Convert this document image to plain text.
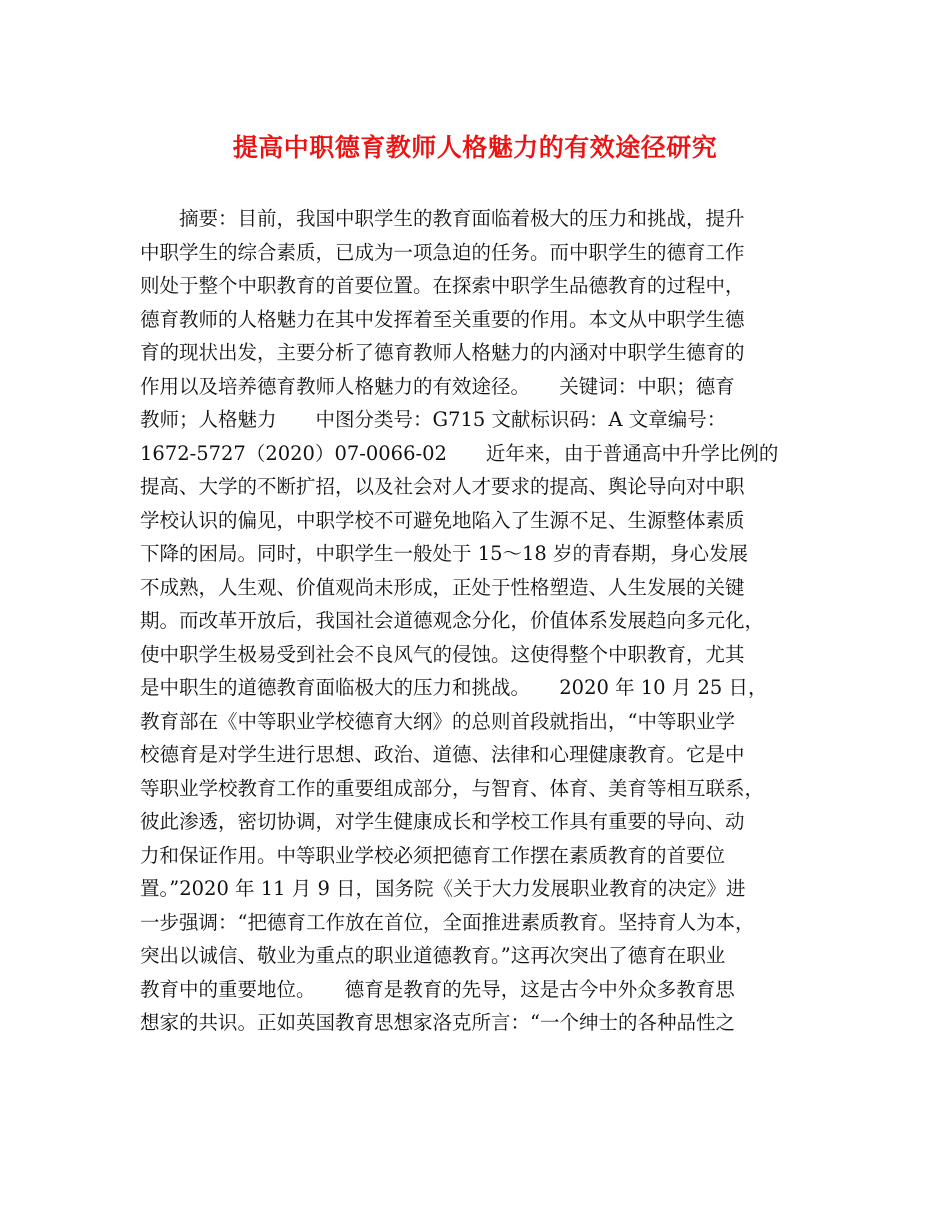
提高中职德育教师人格魅力的有效途径研究
　　摘要：目前，我国中职学生的教育面临着极大的压力和挑战，提升
中职学生的综合素质，已成为一项急迫的任务。而中职学生的德育工作
则处于整个中职教育的首要位置。在探索中职学生品德教育的过程中，
德育教师的人格魅力在其中发挥着至关重要的作用。本文从中职学生德
育的现状出发，主要分析了德育教师人格魅力的内涵对中职学生德育的
作用以及培养德育教师人格魅力的有效途径。　　关键词：中职；德育
教师；人格魅力　　中图分类号：G715 文献标识码：A 文章编号：
1672-5727（2020）07-0066-02　　近年来，由于普通高中升学比例的
提高、大学的不断扩招，以及社会对人才要求的提高、舆论导向对中职
学校认识的偏见，中职学校不可避免地陷入了生源不足、生源整体素质
下降的困局。同时，中职学生一般处于 15～18 岁的青春期，身心发展
不成熟，人生观、价值观尚未形成，正处于性格塑造、人生发展的关键
期。而改革开放后，我国社会道德观念分化，价值体系发展趋向多元化，
使中职学生极易受到社会不良风气的侵蚀。这使得整个中职教育，尤其
是中职生的道德教育面临极大的压力和挑战。　　2020 年 10 月 25 日，
教育部在《中等职业学校德育大纲》的总则首段就指出，“中等职业学
校德育是对学生进行思想、政治、道德、法律和心理健康教育。它是中
等职业学校教育工作的重要组成部分，与智育、体育、美育等相互联系，
彼此渗透，密切协调，对学生健康成长和学校工作具有重要的导向、动
力和保证作用。中等职业学校必须把德育工作摆在素质教育的首要位
置。”2020 年 11 月 9 日，国务院《关于大力发展职业教育的决定》进
一步强调：“把德育工作放在首位，全面推进素质教育。坚持育人为本，
突出以诚信、敬业为重点的职业道德教育。”这再次突出了德育在职业
教育中的重要地位。　　德育是教育的先导，这是古今中外众多教育思
想家的共识。正如英国教育思想家洛克所言：“一个绅士的各种品性之
